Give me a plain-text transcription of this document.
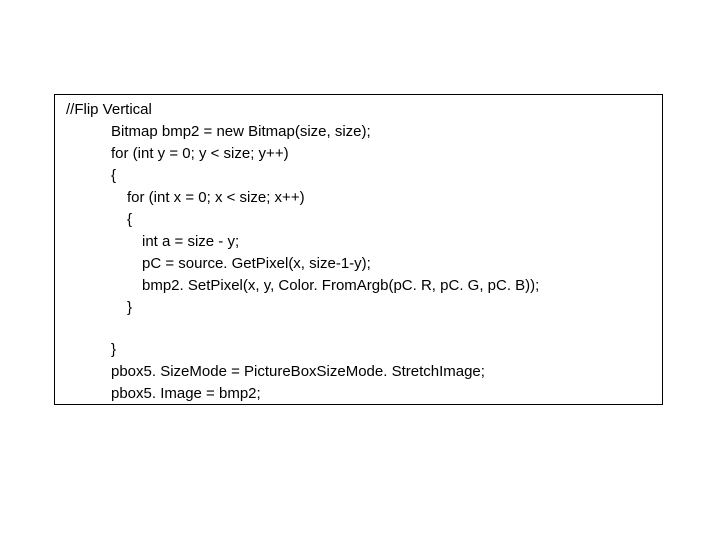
//Flip Vertical
Bitmap bmp2 = new Bitmap(size, size);
for (int y = 0; y < size; y++)
{
for (int x = 0; x < size; x++)
{
int a = size - y;
pC = source. GetPixel(x, size-1-y);
bmp2. SetPixel(x, y, Color. FromArgb(pC. R, pC. G, pC. B));
}
}
pbox5. SizeMode = PictureBoxSizeMode. StretchImage;
pbox5. Image = bmp2;
